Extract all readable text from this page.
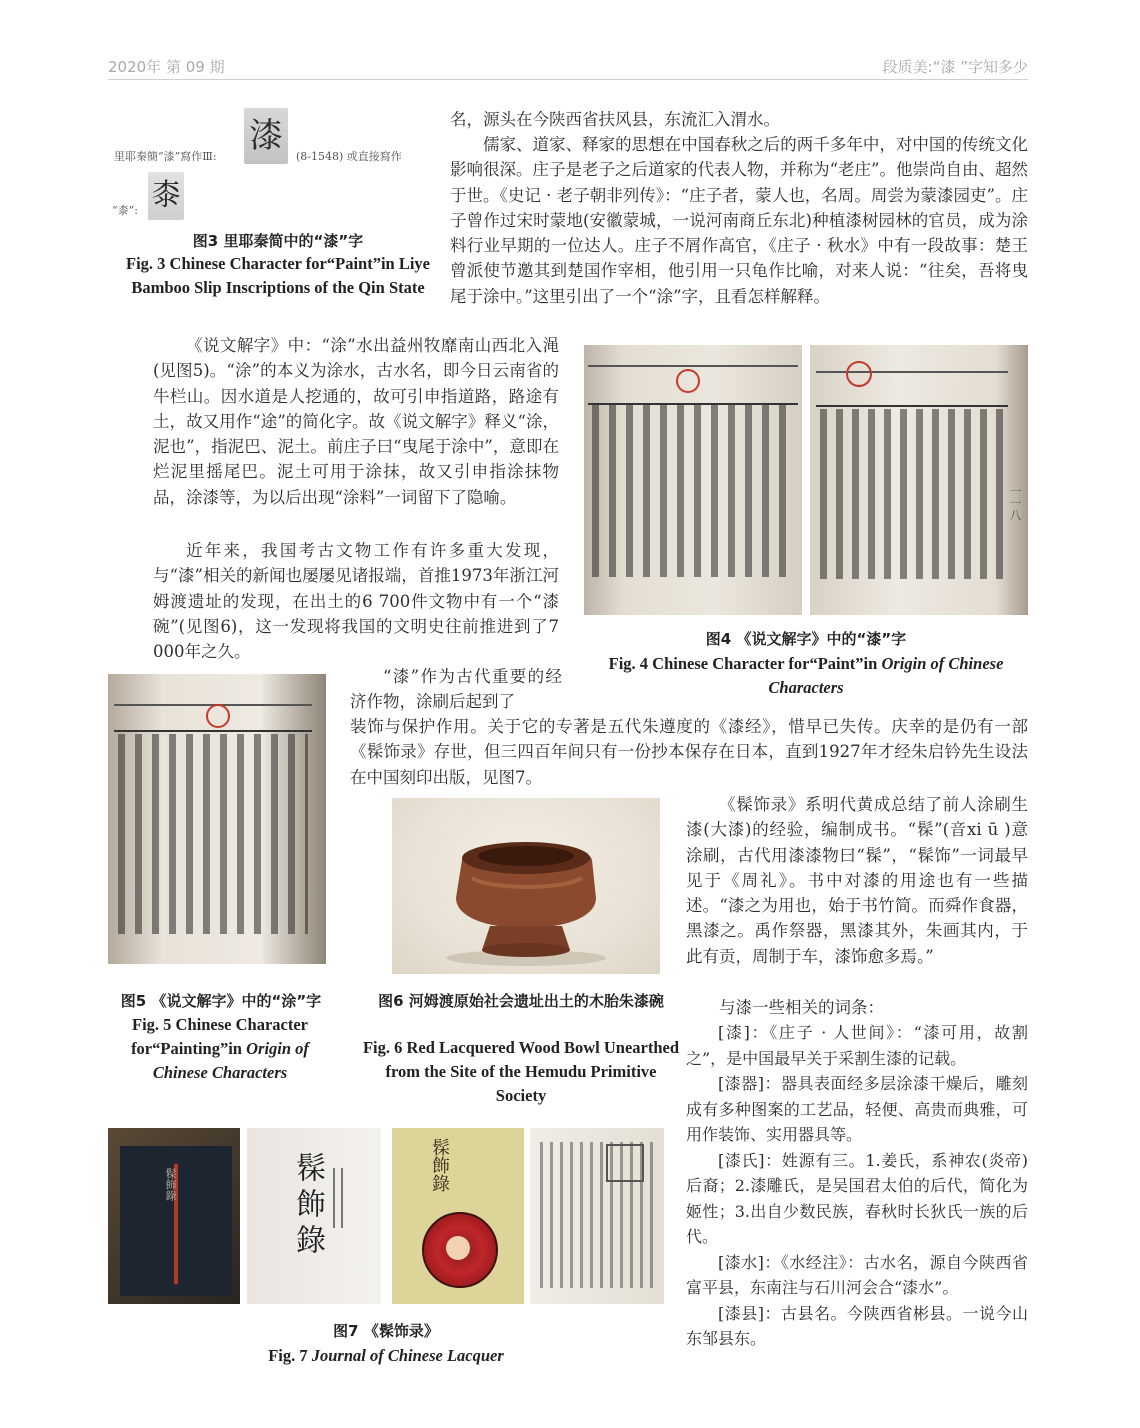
2020年 第 09 期	段质美:“漆 ”字知多少
里耶秦簡“漆”寫作Ⅲ:
漆
(8-1548) 或直接寫作
“桼”: 桼
图3 里耶秦简中的“漆”字
Fig. 3 Chinese Character for“Paint”in Liye Bamboo Slip Inscriptions of the Qin State

名，源头在今陕西省扶风县，东流汇入渭水。

儒家、道家、释家的思想在中国春秋之后的两千多年中，对中国的传统文化影响很深。庄子是老子之后道家的代表人物，并称为“老庄”。他崇尚自由、超然于世。《史记 · 老子朝非列传》：“庄子者，蒙人也，名周。周尝为蒙漆园吏”。庄子曾作过宋时蒙地(安徽蒙城，一说河南商丘东北)种植漆树园林的官员，成为涂料行业早期的一位达人。庄子不屑作高官，《庄子 · 秋水》中有一段故事：楚王曾派使节邀其到楚国作宰相，他引用一只龟作比喻，对来人说：“往矣，吾将曳尾于涂中。”这里引出了一个“涂”字，且看怎样解释。

《说文解字》中：“涂”水出益州牧靡南山西北入渑(见图5)。“涂”的本义为涂水，古水名，即今日云南省的牛栏山。因水道是人挖通的，故可引申指道路，路途有土，故又用作“途”的简化字。故《说文解字》释义“涂，泥也”，指泥巴、泥土。前庄子曰“曳尾于涂中”，意即在烂泥里摇尾巴。泥土可用于涂抹，故又引申指涂抹物品，涂漆等，为以后出现“涂料”一词留下了隐喻。

近年来，我国考古文物工作有许多重大发现，与“漆”相关的新闻也屡屡见诸报端，首推1973年浙江河姆渡遗址的发现，在出土的6 700件文物中有一个“漆碗”(见图6)，这一发现将我国的文明史往前推进到了7 000年之久。

一一八
图4 《说文解字》中的“漆”字
Fig. 4 Chinese Character for“Paint”in Origin of Chinese Characters

“漆”作为古代重要的经济作物，涂刷后起到了

装饰与保护作用。关于它的专著是五代朱遵度的《漆经》，惜早已失传。庆幸的是仍有一部《髹饰录》存世，但三四百年间只有一份抄本保存在日本，直到1927年才经朱启钤先生设法在中国刻印出版，见图7。

图5 《说文解字》中的“涂”字
Fig. 5 Chinese Character for“Painting”in Origin of Chinese Characters
图6 河姆渡原始社会遗址出土的木胎朱漆碗
Fig. 6 Red Lacquered Wood Bowl Unearthed from the Site of the Hemudu Primitive Society

《髹饰录》系明代黄成总结了前人涂刷生漆(大漆)的经验，编制成书。“髹”(音xi ū )意涂刷，古代用漆漆物曰“髹”，“髹饰”一词最早见于《周礼》。书中对漆的用途也有一些描述。“漆之为用也，始于书竹简。而舜作食器，黑漆之。禹作祭器，黑漆其外，朱画其内，于此有贡，周制于车，漆饰愈多焉。”

与漆一些相关的词条：

[漆]：《庄子 · 人世间》：“漆可用，故割之”，是中国最早关于采割生漆的记载。

[漆器]：器具表面经多层涂漆干燥后，雕刻成有多种图案的工艺品，轻便、高贵而典雅，可用作装饰、实用器具等。

[漆氏]：姓源有三。1.姜氏，系神农(炎帝)后裔；2.漆雕氏，是吴国君太伯的后代，简化为姬性；3.出自少数民族，春秋时长狄氏一族的后代。

[漆水]：《水经注》：古水名，源自今陕西省富平县，东南注与石川河会合“漆水”。

[漆县]：古县名。今陕西省彬县。一说今山东邹县东。

髹飾錄	髹飾錄	髹飾錄
图7 《髹饰录》
Fig. 7 Journal of Chinese Lacquer
